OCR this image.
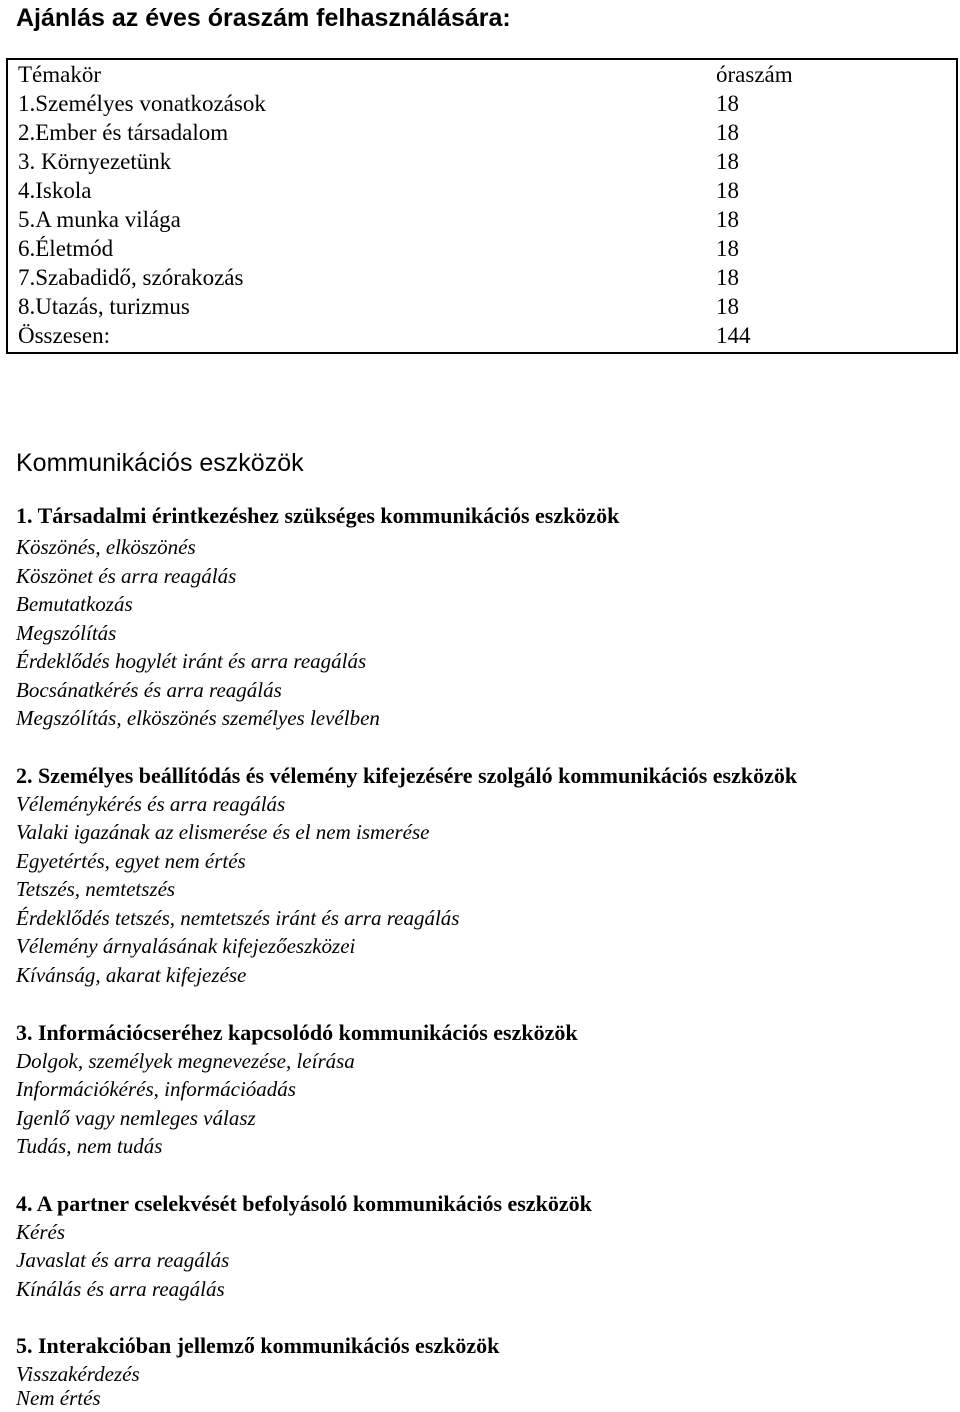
Ajánlás az éves óraszám felhasználására:
Témakör	óraszám
1.Személyes vonatkozások	18
2.Ember és társadalom	18
3. Környezetünk	18
4.Iskola	18
5.A munka világa	18
6.Életmód	18
7.Szabadidő, szórakozás	18
8.Utazás, turizmus	18
Összesen:	144
Kommunikációs eszközök
1. Társadalmi érintkezéshez szükséges kommunikációs eszközök
Köszönés, elköszönés
Köszönet és arra reagálás
Bemutatkozás
Megszólítás
Érdeklődés hogylét iránt és arra reagálás
Bocsánatkérés és arra reagálás
Megszólítás, elköszönés személyes levélben
2. Személyes beállítódás és vélemény kifejezésére szolgáló kommunikációs eszközök
Véleménykérés és arra reagálás
Valaki igazának az elismerése és el nem ismerése
Egyetértés, egyet nem értés
Tetszés, nemtetszés
Érdeklődés tetszés, nemtetszés iránt és arra reagálás
Vélemény árnyalásának kifejezőeszközei
Kívánság, akarat kifejezése
3. Információcseréhez kapcsolódó kommunikációs eszközök
Dolgok, személyek megnevezése, leírása
Információkérés, információadás
Igenlő vagy nemleges válasz
Tudás, nem tudás
4. A partner cselekvését befolyásoló kommunikációs eszközök
Kérés
Javaslat és arra reagálás
Kínálás és arra reagálás
5. Interakcióban jellemző kommunikációs eszközök
Visszakérdezés
Nem értés
